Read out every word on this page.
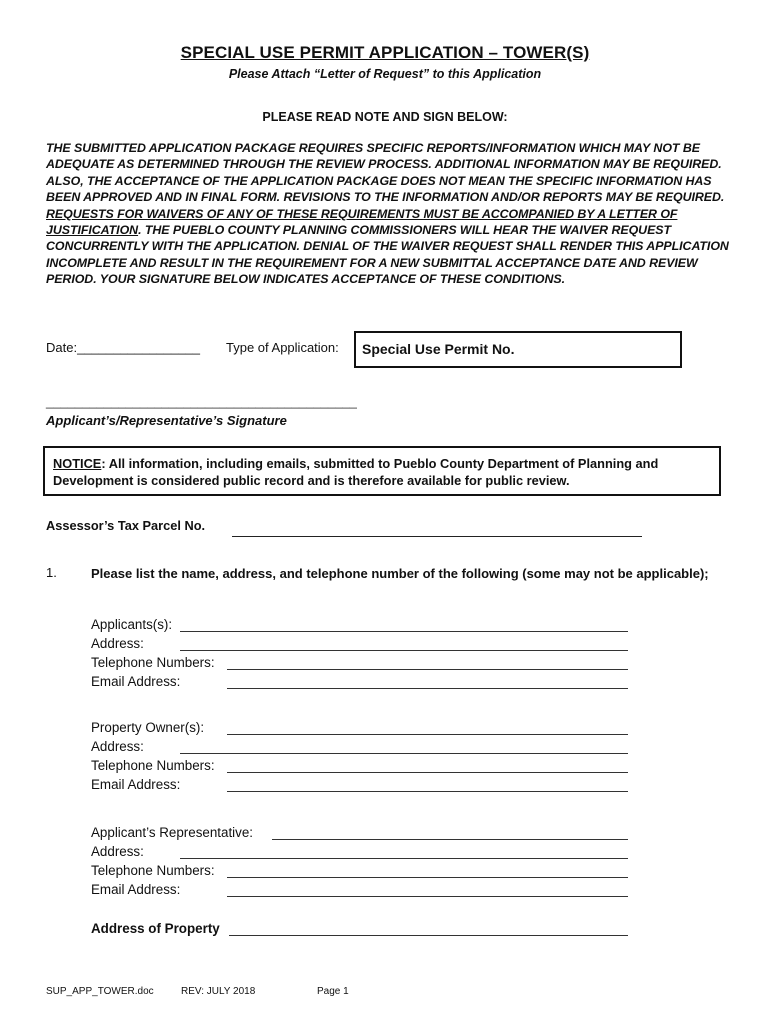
SPECIAL USE PERMIT APPLICATION – TOWER(S)
Please Attach “Letter of Request” to this Application
PLEASE READ NOTE AND SIGN BELOW:
THE SUBMITTED APPLICATION PACKAGE REQUIRES SPECIFIC REPORTS/INFORMATION WHICH MAY NOT BE ADEQUATE AS DETERMINED THROUGH THE REVIEW PROCESS. ADDITIONAL INFORMATION MAY BE REQUIRED. ALSO, THE ACCEPTANCE OF THE APPLICATION PACKAGE DOES NOT MEAN THE SPECIFIC INFORMATION HAS BEEN APPROVED AND IN FINAL FORM. REVISIONS TO THE INFORMATION AND/OR REPORTS MAY BE REQUIRED. REQUESTS FOR WAIVERS OF ANY OF THESE REQUIREMENTS MUST BE ACCOMPANIED BY A LETTER OF JUSTIFICATION. THE PUEBLO COUNTY PLANNING COMMISSIONERS WILL HEAR THE WAIVER REQUEST CONCURRENTLY WITH THE APPLICATION. DENIAL OF THE WAIVER REQUEST SHALL RENDER THIS APPLICATION INCOMPLETE AND RESULT IN THE REQUIREMENT FOR A NEW SUBMITTAL ACCEPTANCE DATE AND REVIEW PERIOD. YOUR SIGNATURE BELOW INDICATES ACCEPTANCE OF THESE CONDITIONS.
Date:_________________ Type of Application:	Special Use Permit No.
___________________________________________
Applicant’s/Representative’s Signature
NOTICE: All information, including emails, submitted to Pueblo County Department of Planning and Development is considered public record and is therefore available for public review.
Assessor’s Tax Parcel No.
1.	Please list the name, address, and telephone number of the following (some may not be applicable);
Applicants(s):
Address:
Telephone Numbers:
Email Address:
Property Owner(s):
Address:
Telephone Numbers:
Email Address:
Applicant’s Representative:
Address:
Telephone Numbers:
Email Address:
Address of Property
SUP_APP_TOWER.doc	REV: JULY 2018	Page 1
